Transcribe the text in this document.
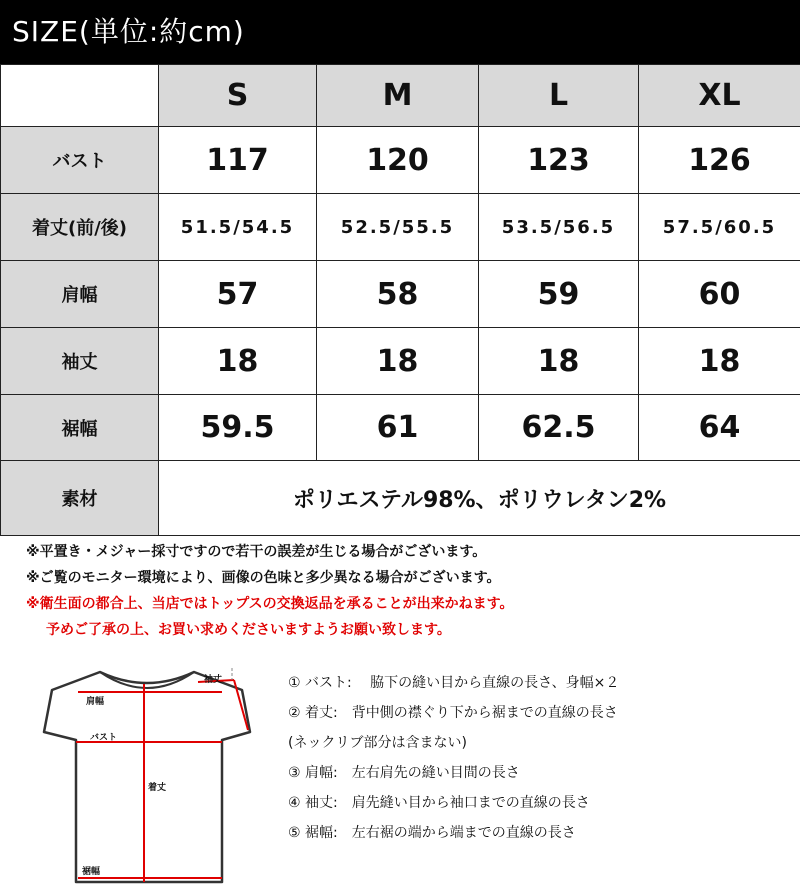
SIZE(単位:約cm)
	S	M	L	XL
バスト	117	120	123	126
着丈(前/後)	51.5/54.5	52.5/55.5	53.5/56.5	57.5/60.5
肩幅	57	58	59	60
袖丈	18	18	18	18
裾幅	59.5	61	62.5	64
素材	ポリエステル98%、ポリウレタン2%			
※平置き・メジャー採寸ですので若干の誤差が生じる場合がございます。
※ご覧のモニター環境により、画像の色味と多少異なる場合がございます。
※衛生面の都合上、当店ではトップスの交換返品を承ることが出来かねます。
予めご了承の上、お買い求めくださいますようお願い致します。
袖丈
肩幅
バスト
着丈
裾幅
① バスト:　 脇下の縫い目から直線の長さ、身幅×２
② 着丈:　背中側の襟ぐり下から裾までの直線の長さ
(ネックリブ部分は含まない)
③ 肩幅:　左右肩先の縫い目間の長さ
④ 袖丈:　肩先縫い目から袖口までの直線の長さ
⑤ 裾幅:　左右裾の端から端までの直線の長さ
